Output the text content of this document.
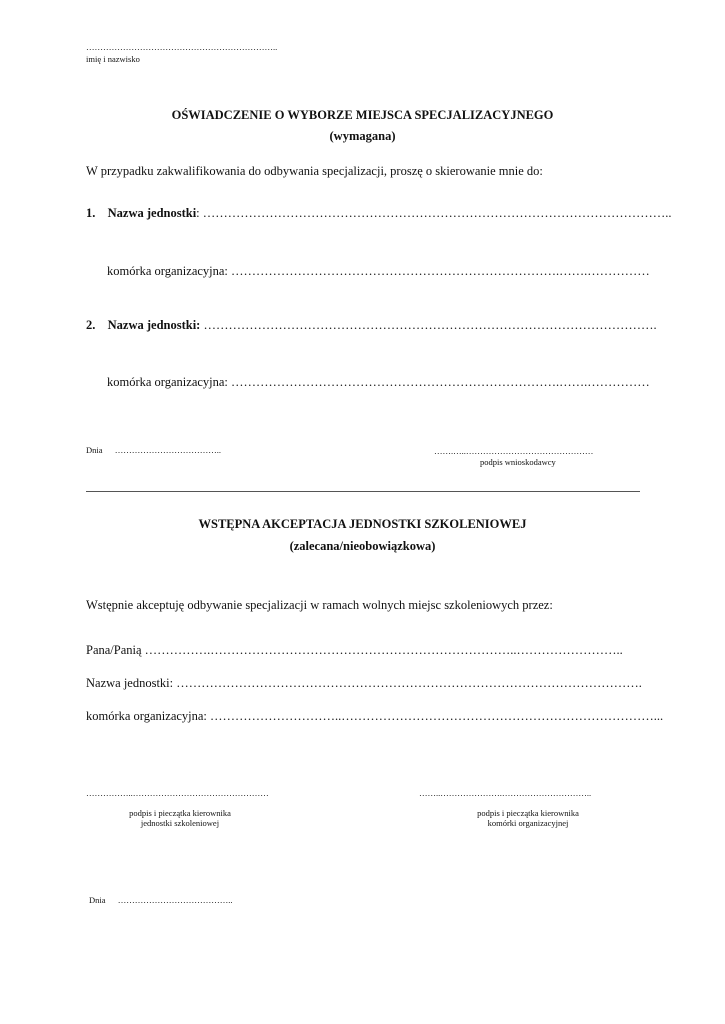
…………………………………………………………..
imię i nazwisko
OŚWIADCZENIE O WYBORZE MIEJSCA SPECJALIZACYJNEGO
(wymagana)
W przypadku zakwalifikowania do odbywania specjalizacji, proszę o skierowanie mnie do:
1. Nazwa jednostki: …………………………………………………………………………………………………..
komórka organizacyjna: …………………………………………………………………….…….……………
2. Nazwa jednostki: ……………………………………………………………………………………………….
komórka organizacyjna: …………………………………………………………………….…….……………
Dnia ………………………………..	…….…..………………………………………
podpis wnioskodawcy
WSTĘPNA AKCEPTACJA JEDNOSTKI SZKOLENIOWEJ
(zalecana/nieobowiązkowa)
Wstępnie akceptuję odbywanie specjalizacji w ramach wolnych miejsc szkoleniowych przez:
Pana/Panią …………….………………………………………………………………..……………………..
Nazwa jednostki: ………………………………………………………………………………………………….
komórka organizacyjna: …………………………..…………………………………………………………………...
……………..…………………………………………
podpis i pieczątka kierownika
jednostki szkoleniowej
……..………………….…………………………..
podpis i pieczątka kierownika
komórki organizacyjnej
Dnia …………………………………..
